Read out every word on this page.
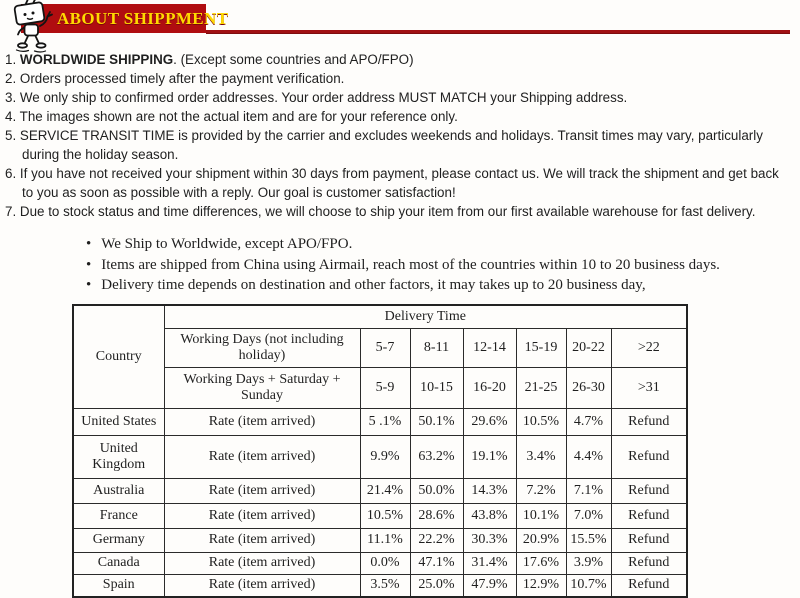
ABOUT SHIPPMENT
1. WORLDWIDE SHIPPING. (Except some countries and APO/FPO)
2. Orders processed timely after the payment verification.
3. We only ship to confirmed order addresses. Your order address MUST MATCH your Shipping address.
4. The images shown are not the actual item and are for your reference only.
5. SERVICE TRANSIT TIME is provided by the carrier and excludes weekends and holidays. Transit times may vary, particularly during the holiday season.
6. If you have not received your shipment within 30 days from payment, please contact us. We will track the shipment and get back to you as soon as possible with a reply. Our goal is customer satisfaction!
7. Due to stock status and time differences, we will choose to ship your item from our first available warehouse for fast delivery.
• We Ship to Worldwide, except APO/FPO.
• Items are shipped from China using Airmail, reach most of the countries within 10 to 20 business days.
• Delivery time depends on destination and other factors, it may takes up to 20 business day,
Country	Delivery Time						
	Working Days (not including holiday)	5-7	8-11	12-14	15-19	20-22	>22
	Working Days + Saturday + Sunday	5-9	10-15	16-20	21-25	26-30	>31
United States	Rate (item arrived)	5 .1%	50.1%	29.6%	10.5%	4.7%	Refund
United Kingdom	Rate (item arrived)	9.9%	63.2%	19.1%	3.4%	4.4%	Refund
Australia	Rate (item arrived)	21.4%	50.0%	14.3%	7.2%	7.1%	Refund
France	Rate (item arrived)	10.5%	28.6%	43.8%	10.1%	7.0%	Refund
Germany	Rate (item arrived)	11.1%	22.2%	30.3%	20.9%	15.5%	Refund
Canada	Rate (item arrived)	0.0%	47.1%	31.4%	17.6%	3.9%	Refund
Spain	Rate (item arrived)	3.5%	25.0%	47.9%	12.9%	10.7%	Refund
